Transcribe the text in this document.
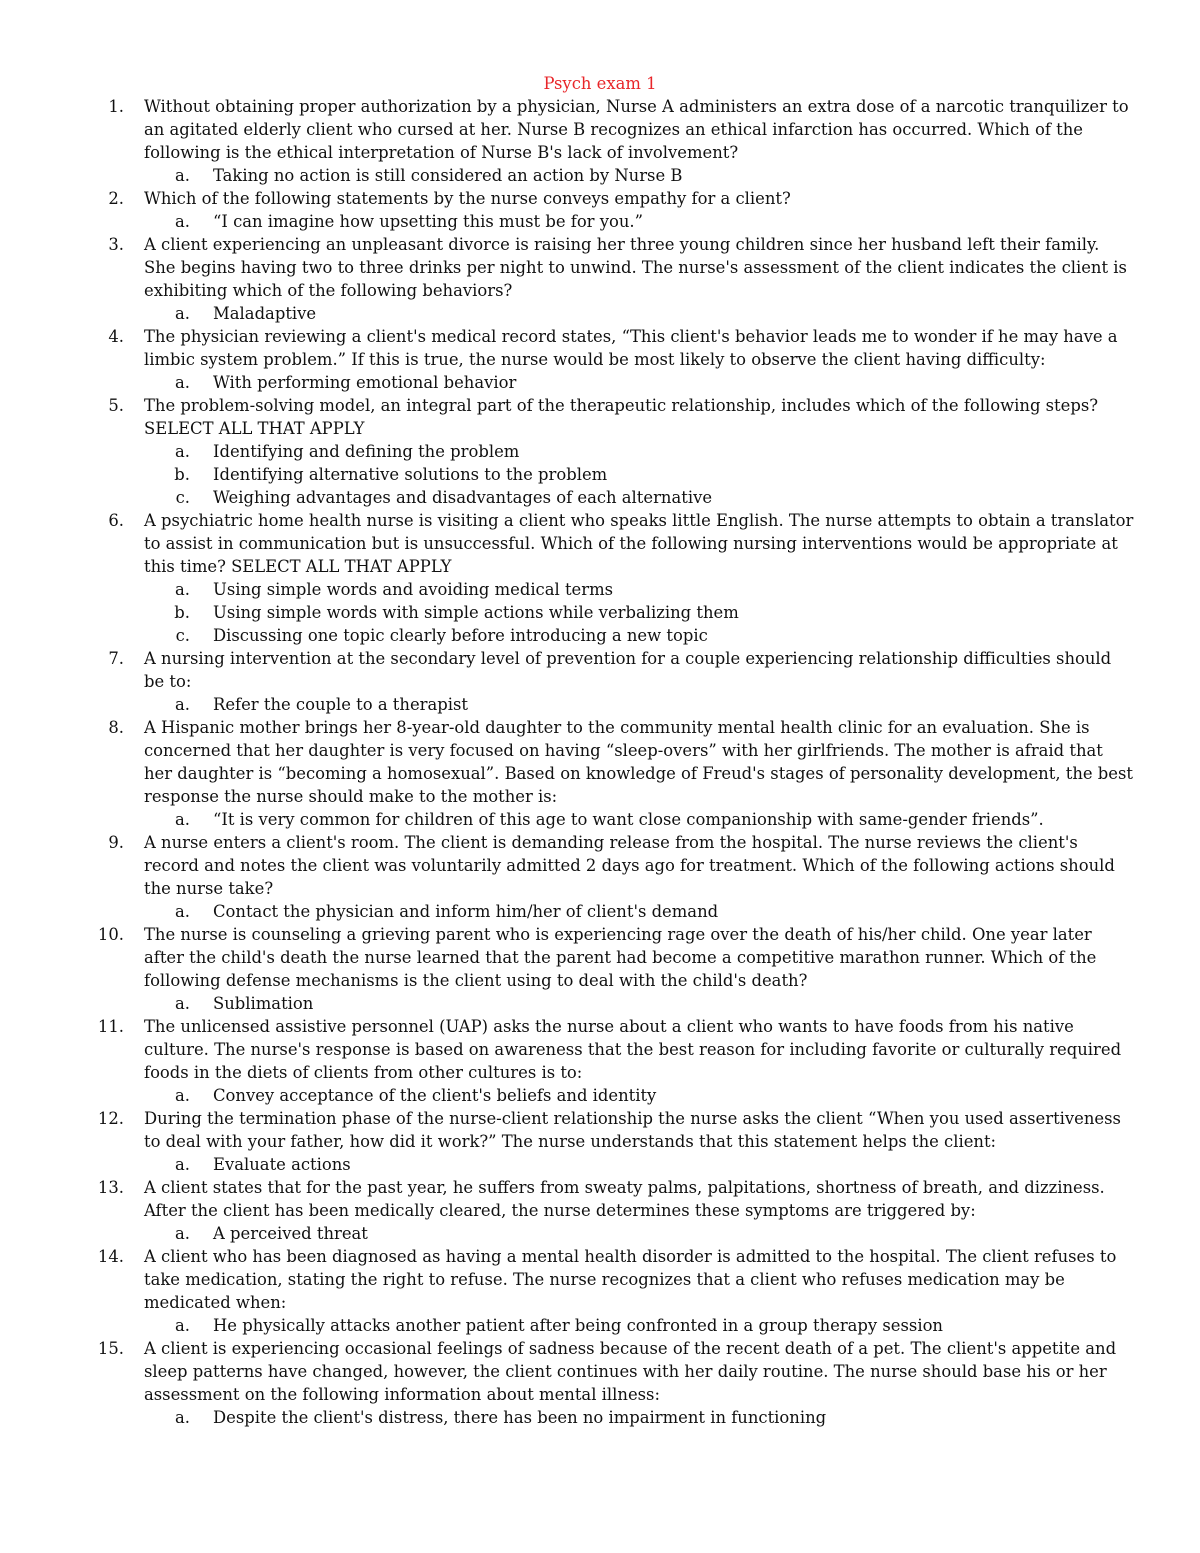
Psych exam 1
1. Without obtaining proper authorization by a physician, Nurse A administers an extra dose of a narcotic tranquilizer to an agitated elderly client who cursed at her. Nurse B recognizes an ethical infarction has occurred. Which of the following is the ethical interpretation of Nurse B's lack of involvement?
a. Taking no action is still considered an action by Nurse B
2. Which of the following statements by the nurse conveys empathy for a client?
a. “I can imagine how upsetting this must be for you.”
3. A client experiencing an unpleasant divorce is raising her three young children since her husband left their family. She begins having two to three drinks per night to unwind. The nurse's assessment of the client indicates the client is exhibiting which of the following behaviors?
a. Maladaptive
4. The physician reviewing a client's medical record states, “This client's behavior leads me to wonder if he may have a limbic system problem.” If this is true, the nurse would be most likely to observe the client having difficulty:
a. With performing emotional behavior
5. The problem-solving model, an integral part of the therapeutic relationship, includes which of the following steps? SELECT ALL THAT APPLY
a. Identifying and defining the problem
b. Identifying alternative solutions to the problem
c. Weighing advantages and disadvantages of each alternative
6. A psychiatric home health nurse is visiting a client who speaks little English. The nurse attempts to obtain a translator to assist in communication but is unsuccessful. Which of the following nursing interventions would be appropriate at this time? SELECT ALL THAT APPLY
a. Using simple words and avoiding medical terms
b. Using simple words with simple actions while verbalizing them
c. Discussing one topic clearly before introducing a new topic
7. A nursing intervention at the secondary level of prevention for a couple experiencing relationship difficulties should be to:
a. Refer the couple to a therapist
8. A Hispanic mother brings her 8-year-old daughter to the community mental health clinic for an evaluation. She is concerned that her daughter is very focused on having “sleep-overs” with her girlfriends. The mother is afraid that her daughter is “becoming a homosexual”. Based on knowledge of Freud's stages of personality development, the best response the nurse should make to the mother is:
a. “It is very common for children of this age to want close companionship with same-gender friends”.
9. A nurse enters a client's room. The client is demanding release from the hospital. The nurse reviews the client's record and notes the client was voluntarily admitted 2 days ago for treatment. Which of the following actions should the nurse take?
a. Contact the physician and inform him/her of client's demand
10. The nurse is counseling a grieving parent who is experiencing rage over the death of his/her child. One year later after the child's death the nurse learned that the parent had become a competitive marathon runner. Which of the following defense mechanisms is the client using to deal with the child's death?
a. Sublimation
11. The unlicensed assistive personnel (UAP) asks the nurse about a client who wants to have foods from his native culture. The nurse's response is based on awareness that the best reason for including favorite or culturally required foods in the diets of clients from other cultures is to:
a. Convey acceptance of the client's beliefs and identity
12. During the termination phase of the nurse-client relationship the nurse asks the client “When you used assertiveness to deal with your father, how did it work?” The nurse understands that this statement helps the client:
a. Evaluate actions
13. A client states that for the past year, he suffers from sweaty palms, palpitations, shortness of breath, and dizziness. After the client has been medically cleared, the nurse determines these symptoms are triggered by:
a. A perceived threat
14. A client who has been diagnosed as having a mental health disorder is admitted to the hospital. The client refuses to take medication, stating the right to refuse. The nurse recognizes that a client who refuses medication may be medicated when:
a. He physically attacks another patient after being confronted in a group therapy session
15. A client is experiencing occasional feelings of sadness because of the recent death of a pet. The client's appetite and sleep patterns have changed, however, the client continues with her daily routine. The nurse should base his or her assessment on the following information about mental illness:
a. Despite the client's distress, there has been no impairment in functioning
